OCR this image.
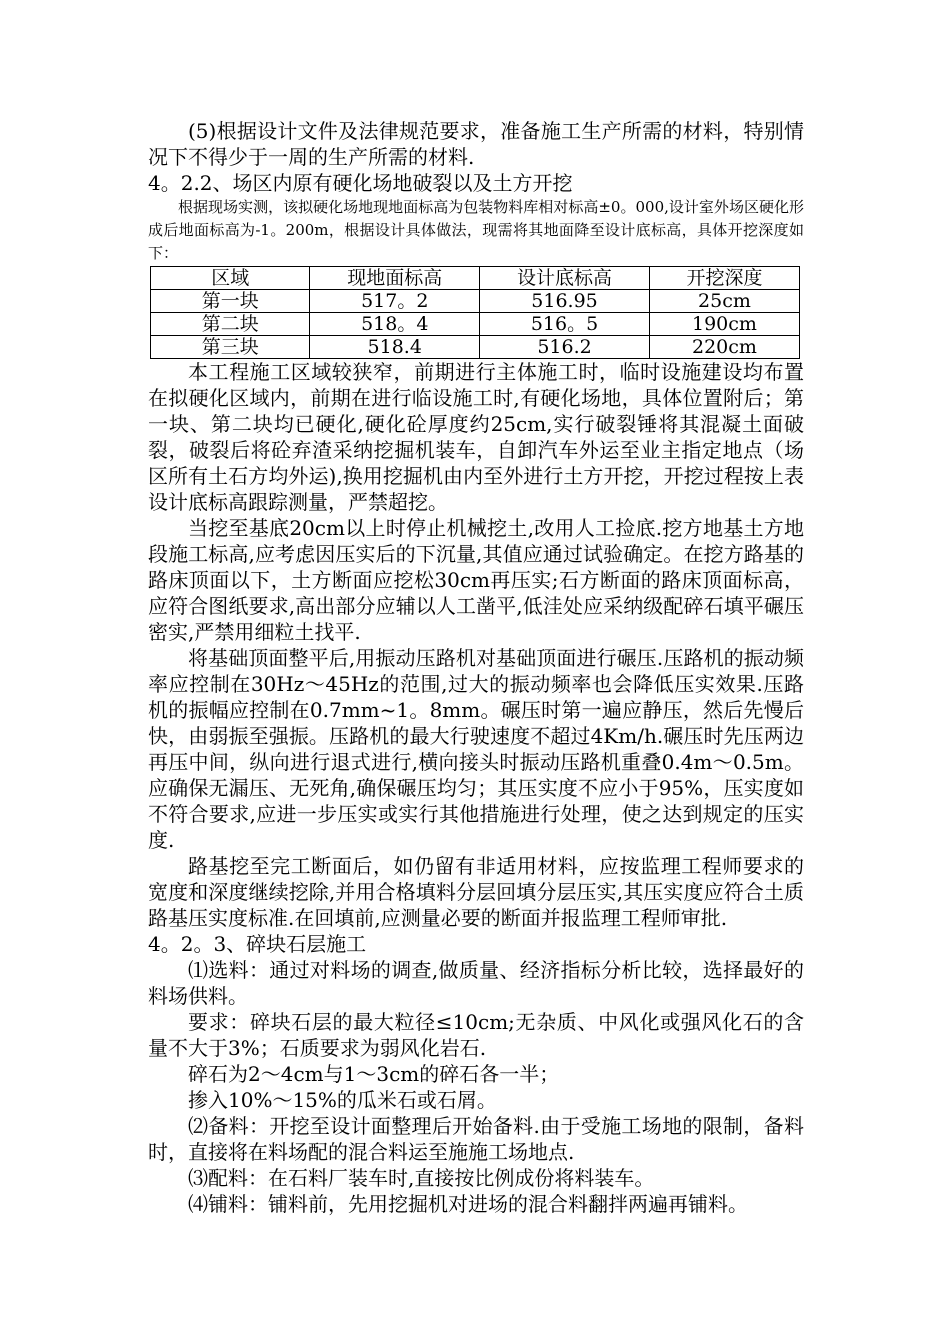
(5)根据设计文件及法律规范要求，准备施工生产所需的材料，特别情况下不得少于一周的生产所需的材料.

4。2.2、场区内原有硬化场地破裂以及土方开挖

根据现场实测，该拟硬化场地现地面标高为包装物料库相对标高±0。000,设计室外场区硬化形成后地面标高为-1。200m，根据设计具体做法，现需将其地面降至设计底标高，具体开挖深度如下：

区域	现地面标高	设计底标高	开挖深度
第一块	517。2	516.95	25cm
第二块	518。4	516。5	190cm
第三块	518.4	516.2	220cm

本工程施工区域较狭窄，前期进行主体施工时，临时设施建设均布置在拟硬化区域内，前期在进行临设施工时,有硬化场地，具体位置附后；第一块、第二块均已硬化,硬化砼厚度约25cm,实行破裂锤将其混凝土面破裂，破裂后将砼弃渣采纳挖掘机装车，自卸汽车外运至业主指定地点（场区所有土石方均外运),换用挖掘机由内至外进行土方开挖，开挖过程按上表设计底标高跟踪测量，严禁超挖。

当挖至基底20cm以上时停止机械挖土,改用人工捡底.挖方地基土方地段施工标高,应考虑因压实后的下沉量,其值应通过试验确定。在挖方路基的路床顶面以下，土方断面应挖松30cm再压实;石方断面的路床顶面标高，应符合图纸要求,高出部分应辅以人工凿平,低洼处应采纳级配碎石填平碾压密实,严禁用细粒土找平.

将基础顶面整平后,用振动压路机对基础顶面进行碾压.压路机的振动频率应控制在30Hz～45Hz的范围,过大的振动频率也会降低压实效果.压路机的振幅应控制在0.7mm~1。8mm。碾压时第一遍应静压，然后先慢后快，由弱振至强振。压路机的最大行驶速度不超过4Km/h.碾压时先压两边再压中间，纵向进行退式进行,横向接头时振动压路机重叠0.4m～0.5m。应确保无漏压、无死角,确保碾压均匀；其压实度不应小于95%，压实度如不符合要求,应进一步压实或实行其他措施进行处理，使之达到规定的压实度.

路基挖至完工断面后，如仍留有非适用材料，应按监理工程师要求的宽度和深度继续挖除,并用合格填料分层回填分层压实,其压实度应符合土质路基压实度标准.在回填前,应测量必要的断面并报监理工程师审批.

4。2。3、碎块石层施工

⑴选料：通过对料场的调查,做质量、经济指标分析比较，选择最好的料场供料。

要求：碎块石层的最大粒径≤10cm;无杂质、中风化或强风化石的含量不大于3%；石质要求为弱风化岩石.

碎石为2～4cm与1～3cm的碎石各一半；

掺入10%～15%的瓜米石或石屑。

⑵备料：开挖至设计面整理后开始备料.由于受施工场地的限制，备料时，直接将在料场配的混合料运至施施工场地点.

⑶配料：在石料厂装车时,直接按比例成份将料装车。

⑷铺料：铺料前，先用挖掘机对进场的混合料翻拌两遍再铺料。
